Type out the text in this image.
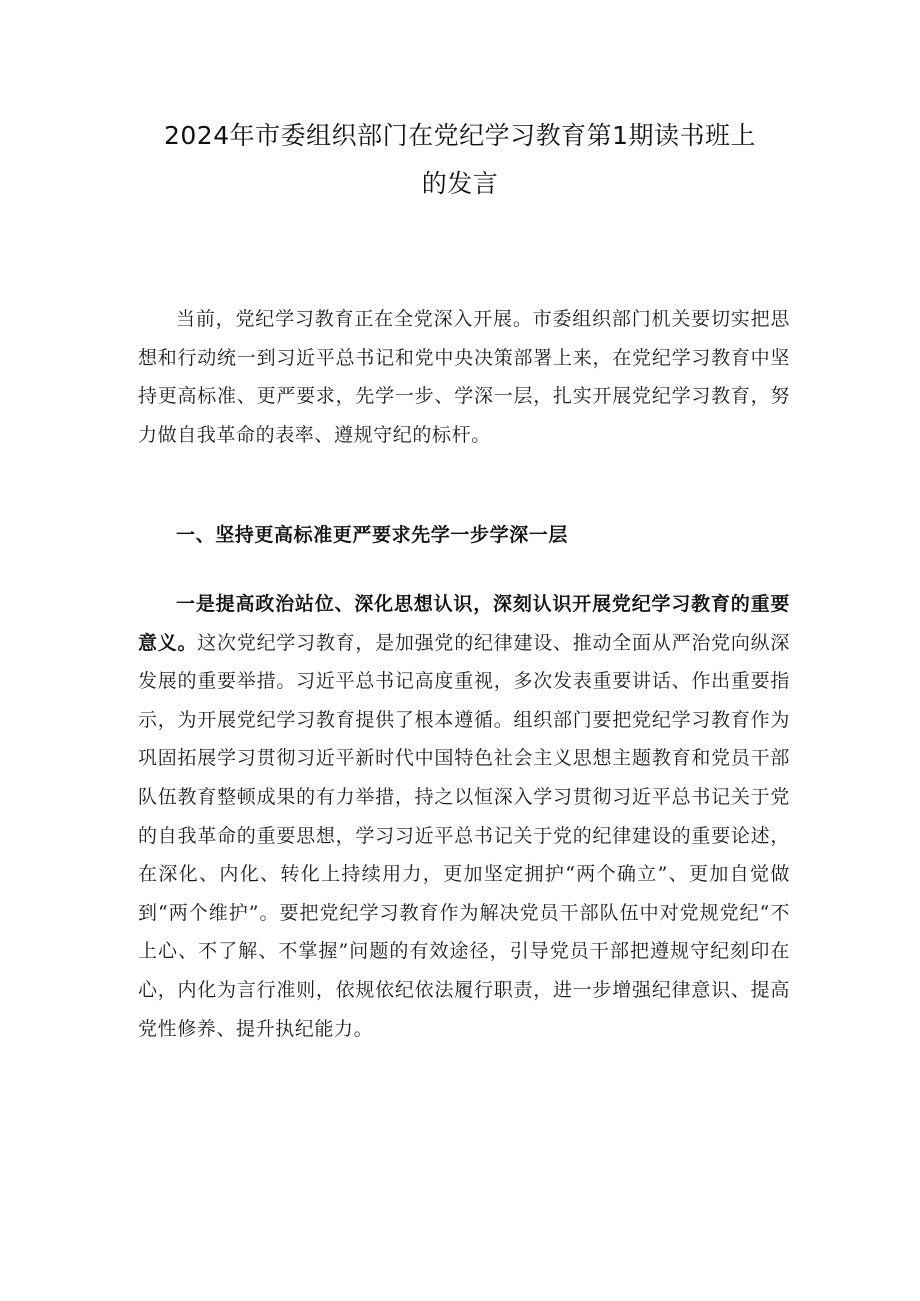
2024年市委组织部门在党纪学习教育第1期读书班上
的发言

当前，党纪学习教育正在全党深入开展。市委组织部门机关要切实把思想和行动统一到习近平总书记和党中央决策部署上来，在党纪学习教育中坚持更高标准、更严要求，先学一步、学深一层，扎实开展党纪学习教育，努力做自我革命的表率、遵规守纪的标杆。

一、坚持更高标准更严要求先学一步学深一层

一是提高政治站位、深化思想认识，深刻认识开展党纪学习教育的重要意义。这次党纪学习教育，是加强党的纪律建设、推动全面从严治党向纵深发展的重要举措。习近平总书记高度重视，多次发表重要讲话、作出重要指示，为开展党纪学习教育提供了根本遵循。组织部门要把党纪学习教育作为巩固拓展学习贯彻习近平新时代中国特色社会主义思想主题教育和党员干部队伍教育整顿成果的有力举措，持之以恒深入学习贯彻习近平总书记关于党的自我革命的重要思想，学习习近平总书记关于党的纪律建设的重要论述，在深化、内化、转化上持续用力，更加坚定拥护“两个确立”、更加自觉做到“两个维护”。要把党纪学习教育作为解决党员干部队伍中对党规党纪“不上心、不了解、不掌握”问题的有效途径，引导党员干部把遵规守纪刻印在心，内化为言行准则，依规依纪依法履行职责，进一步增强纪律意识、提高党性修养、提升执纪能力。
